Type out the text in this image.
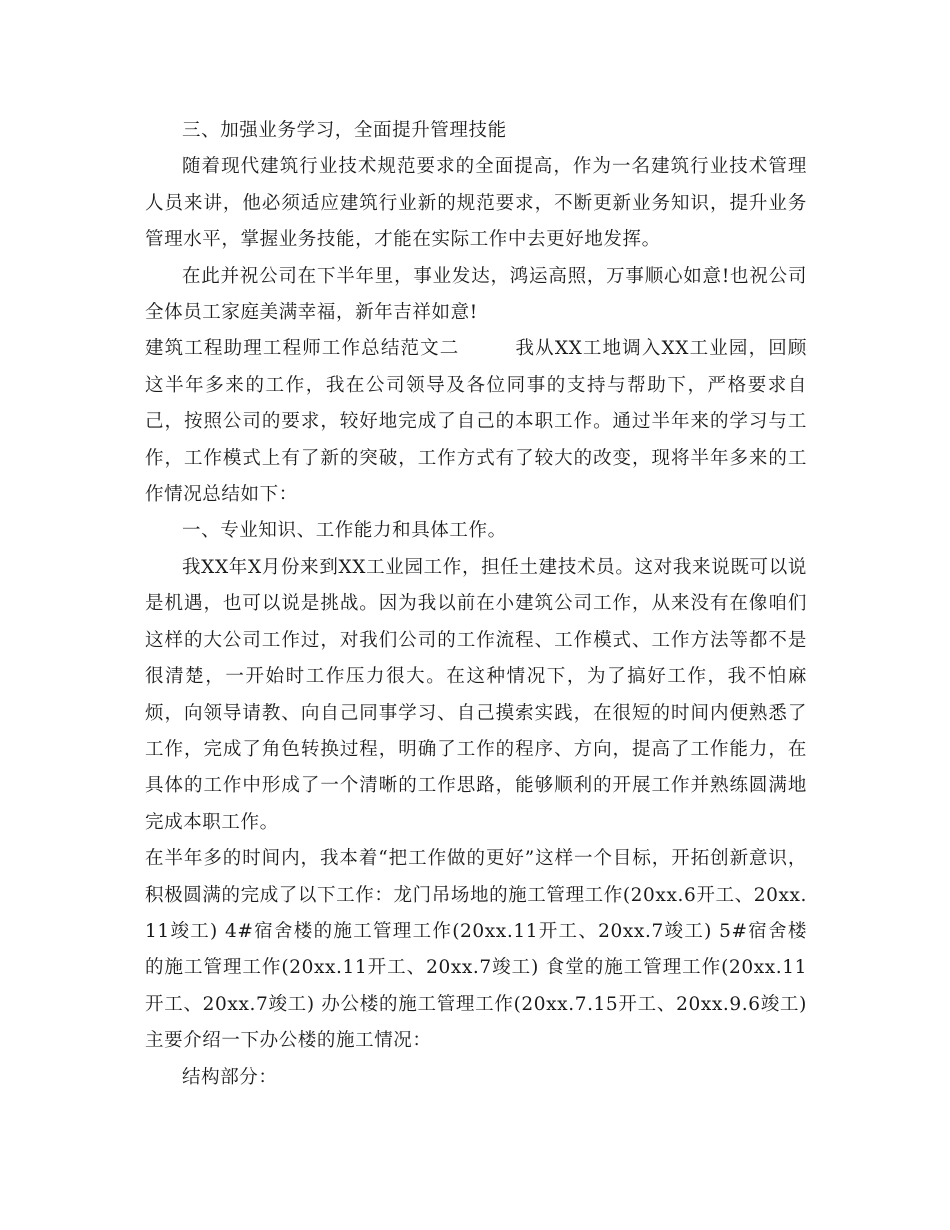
三、加强业务学习，全面提升管理技能

随着现代建筑行业技术规范要求的全面提高，作为一名建筑行业技术管理人员来讲，他必须适应建筑行业新的规范要求，不断更新业务知识，提升业务管理水平，掌握业务技能，才能在实际工作中去更好地发挥。

在此并祝公司在下半年里，事业发达，鸿运高照，万事顺心如意!也祝公司全体员工家庭美满幸福，新年吉祥如意!

建筑工程助理工程师工作总结范文二	我从XX工地调入XX工业园，回顾这半年多来的工作，我在公司领导及各位同事的支持与帮助下，严格要求自己，按照公司的要求，较好地完成了自己的本职工作。通过半年来的学习与工作，工作模式上有了新的突破，工作方式有了较大的改变，现将半年多来的工作情况总结如下：

一、专业知识、工作能力和具体工作。

我XX年X月份来到XX工业园工作，担任土建技术员。这对我来说既可以说是机遇，也可以说是挑战。因为我以前在小建筑公司工作，从来没有在像咱们这样的大公司工作过，对我们公司的工作流程、工作模式、工作方法等都不是很清楚，一开始时工作压力很大。在这种情况下，为了搞好工作，我不怕麻烦，向领导请教、向自己同事学习、自己摸索实践，在很短的时间内便熟悉了工作，完成了角色转换过程，明确了工作的程序、方向，提高了工作能力，在具体的工作中形成了一个清晰的工作思路，能够顺利的开展工作并熟练圆满地完成本职工作。

在半年多的时间内，我本着“把工作做的更好”这样一个目标，开拓创新意识，积极圆满的完成了以下工作：龙门吊场地的施工管理工作(20xx.6开工、20xx.11竣工) 4#宿舍楼的施工管理工作(20xx.11开工、20xx.7竣工) 5#宿舍楼的施工管理工作(20xx.11开工、20xx.7竣工) 食堂的施工管理工作(20xx.11开工、20xx.7竣工) 办公楼的施工管理工作(20xx.7.15开工、20xx.9.6竣工)主要介绍一下办公楼的施工情况：

结构部分：
